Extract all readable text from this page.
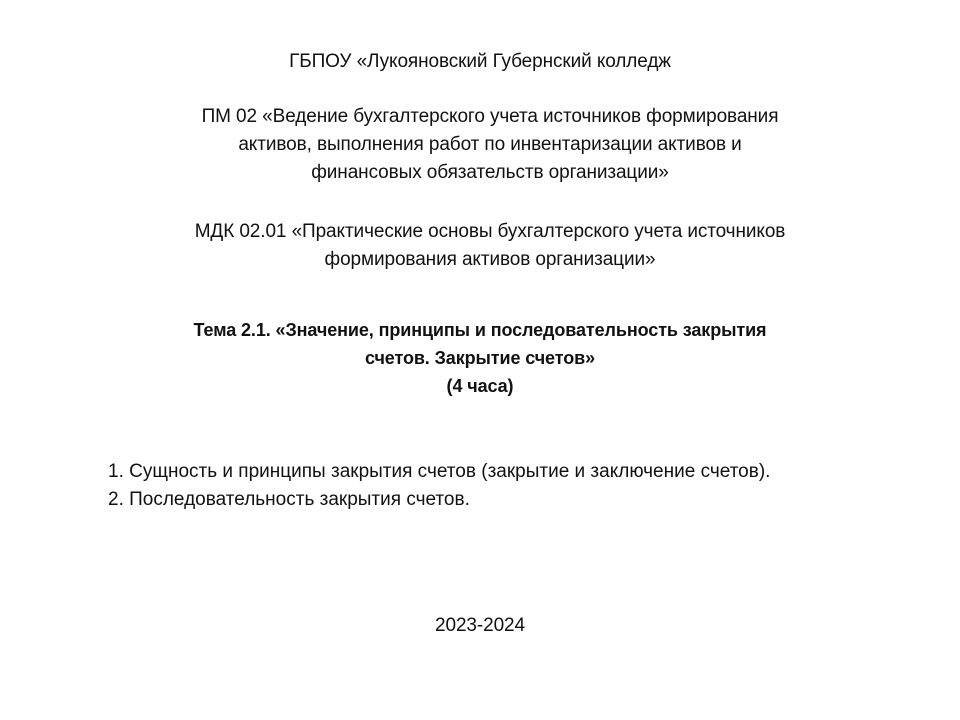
ГБПОУ «Лукояновский Губернский колледж
ПМ 02 «Ведение бухгалтерского учета источников формирования
активов, выполнения работ по инвентаризации активов и
финансовых обязательств организации»
МДК 02.01 «Практические основы бухгалтерского учета источников
формирования активов организации»
Тема 2.1. «Значение, принципы и последовательность закрытия
счетов. Закрытие счетов»
(4 часа)
1. Сущность и принципы закрытия счетов (закрытие и заключение счетов).
2. Последовательность закрытия счетов.
2023-2024
